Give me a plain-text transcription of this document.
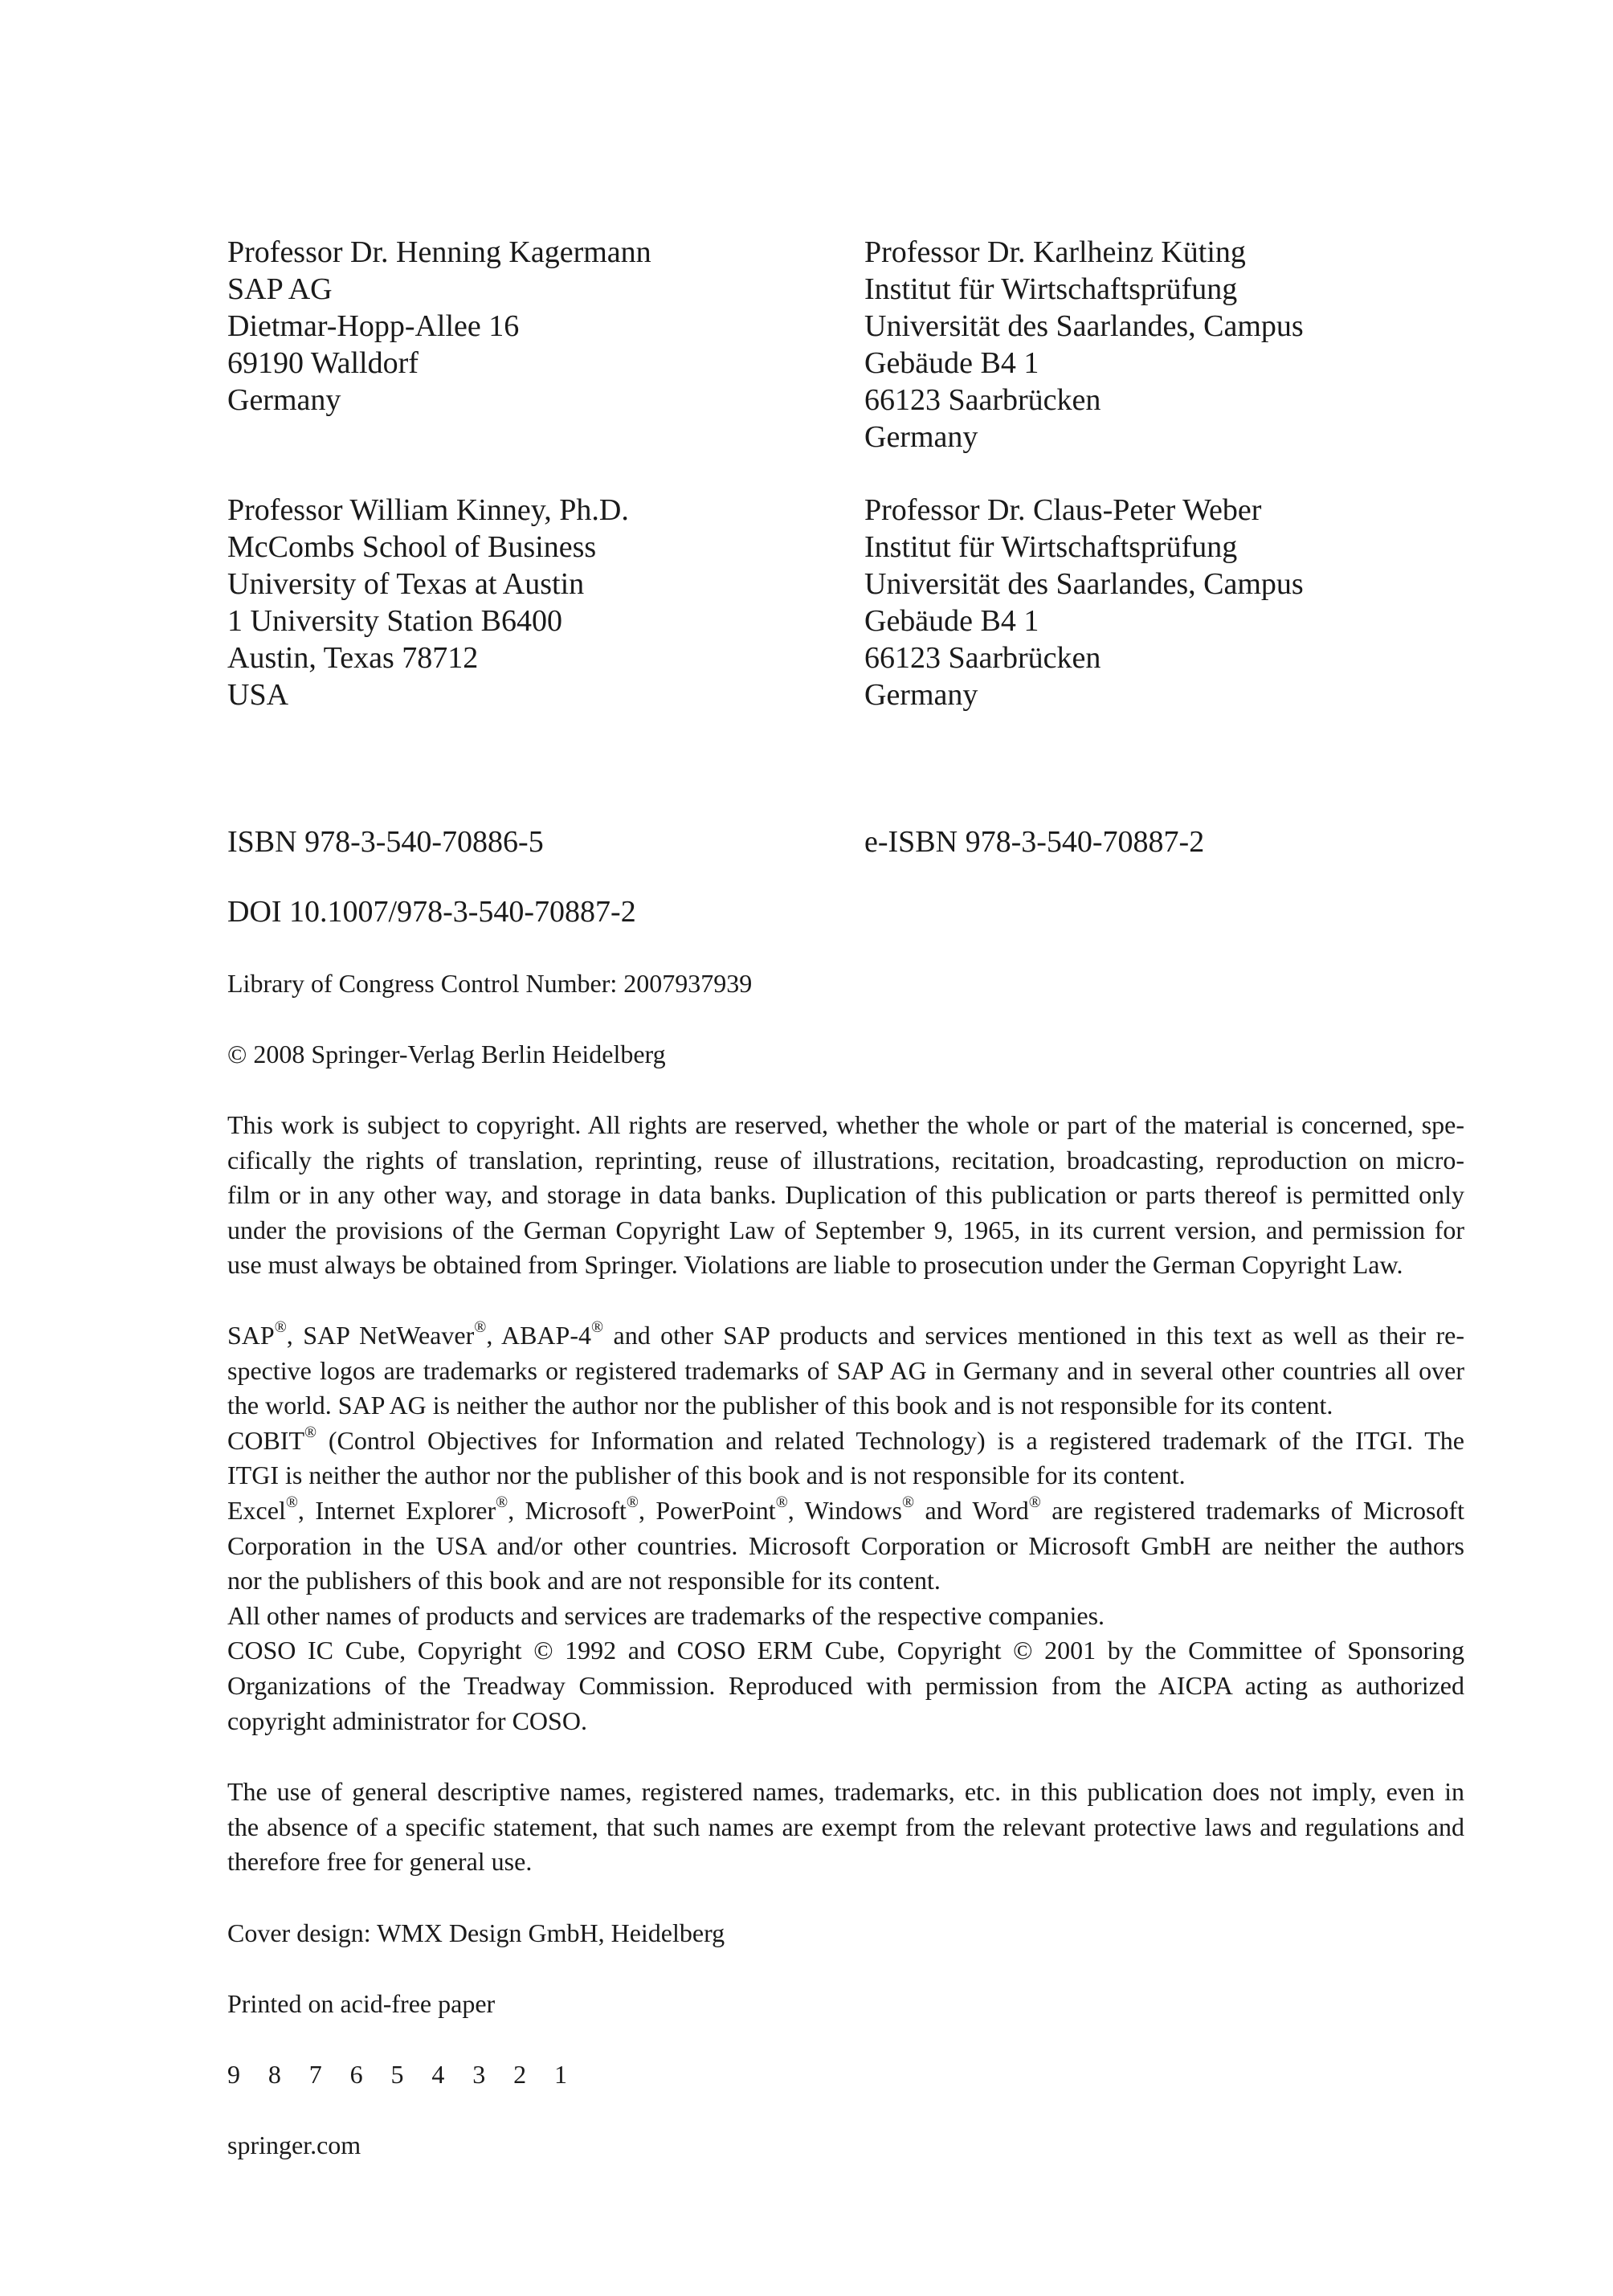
Professor Dr. Henning Kagermann
SAP AG
Dietmar-Hopp-Allee 16
69190 Walldorf
Germany
Professor Dr. Karlheinz Küting
Institut für Wirtschaftsprüfung
Universität des Saarlandes, Campus
Gebäude B4 1
66123 Saarbrücken
Germany
Professor William Kinney, Ph.D.
McCombs School of Business
University of Texas at Austin
1 University Station B6400
Austin, Texas 78712
USA
Professor Dr. Claus-Peter Weber
Institut für Wirtschaftsprüfung
Universität des Saarlandes, Campus
Gebäude B4 1
66123 Saarbrücken
Germany
ISBN 978-3-540-70886-5	e-ISBN 978-3-540-70887-2
DOI 10.1007/978-3-540-70887-2
Library of Congress Control Number: 2007937939
© 2008 Springer-Verlag Berlin Heidelberg
This work is subject to copyright. All rights are reserved, whether the whole or part of the material is concerned, spe-
cifically the rights of translation, reprinting, reuse of illustrations, recitation, broadcasting, reproduction on micro-
film or in any other way, and storage in data banks. Duplication of this publication or parts thereof is permitted only
under the provisions of the German Copyright Law of September 9, 1965, in its current version, and permission for
use must always be obtained from Springer. Violations are liable to prosecution under the German Copyright Law.
SAP®, SAP NetWeaver®, ABAP-4® and other SAP products and services mentioned in this text as well as their re-
spective logos are trademarks or registered trademarks of SAP AG in Germany and in several other countries all over
the world. SAP AG is neither the author nor the publisher of this book and is not responsible for its content.
COBIT® (Control Objectives for Information and related Technology) is a registered trademark of the ITGI. The
ITGI is neither the author nor the publisher of this book and is not responsible for its content.
Excel®, Internet Explorer®, Microsoft®, PowerPoint®, Windows® and Word® are registered trademarks of Microsoft
Corporation in the USA and/or other countries. Microsoft Corporation or Microsoft GmbH are neither the authors
nor the publishers of this book and are not responsible for its content.
All other names of products and services are trademarks of the respective companies.
COSO IC Cube, Copyright © 1992 and COSO ERM Cube, Copyright © 2001 by the Committee of Sponsoring
Organizations of the Treadway Commission. Reproduced with permission from the AICPA acting as authorized
copyright administrator for COSO.
The use of general descriptive names, registered names, trademarks, etc. in this publication does not imply, even in
the absence of a specific statement, that such names are exempt from the relevant protective laws and regulations and
therefore free for general use.
Cover design: WMX Design GmbH, Heidelberg
Printed on acid-free paper
9 8 7 6 5 4 3 2 1
springer.com
